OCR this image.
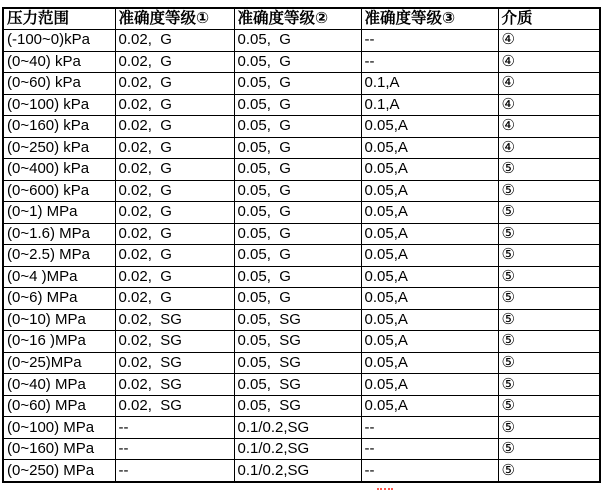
压力范围	准确度等级①	准确度等级②	准确度等级③	介质
(-100~0)kPa	0.02,  G	0.05,  G	--	④
(0~40) kPa	0.02,  G	0.05,  G	--	④
(0~60) kPa	0.02,  G	0.05,  G	0.1,A	④
(0~100) kPa	0.02,  G	0.05,  G	0.1,A	④
(0~160) kPa	0.02,  G	0.05,  G	0.05,A	④
(0~250) kPa	0.02,  G	0.05,  G	0.05,A	④
(0~400) kPa	0.02,  G	0.05,  G	0.05,A	⑤
(0~600) kPa	0.02,  G	0.05,  G	0.05,A	⑤
(0~1) MPa	0.02,  G	0.05,  G	0.05,A	⑤
(0~1.6) MPa	0.02,  G	0.05,  G	0.05,A	⑤
(0~2.5) MPa	0.02,  G	0.05,  G	0.05,A	⑤
(0~4 )MPa	0.02,  G	0.05,  G	0.05,A	⑤
(0~6) MPa	0.02,  G	0.05,  G	0.05,A	⑤
(0~10) MPa	0.02,  SG	0.05,  SG	0.05,A	⑤
(0~16 )MPa	0.02,  SG	0.05,  SG	0.05,A	⑤
(0~25)MPa	0.02,  SG	0.05,  SG	0.05,A	⑤
(0~40) MPa	0.02,  SG	0.05,  SG	0.05,A	⑤
(0~60) MPa	0.02,  SG	0.05,  SG	0.05,A	⑤
(0~100) MPa	--	0.1/0.2,SG	--	⑤
(0~160) MPa	--	0.1/0.2,SG	--	⑤
(0~250) MPa	--	0.1/0.2,SG	--	⑤
